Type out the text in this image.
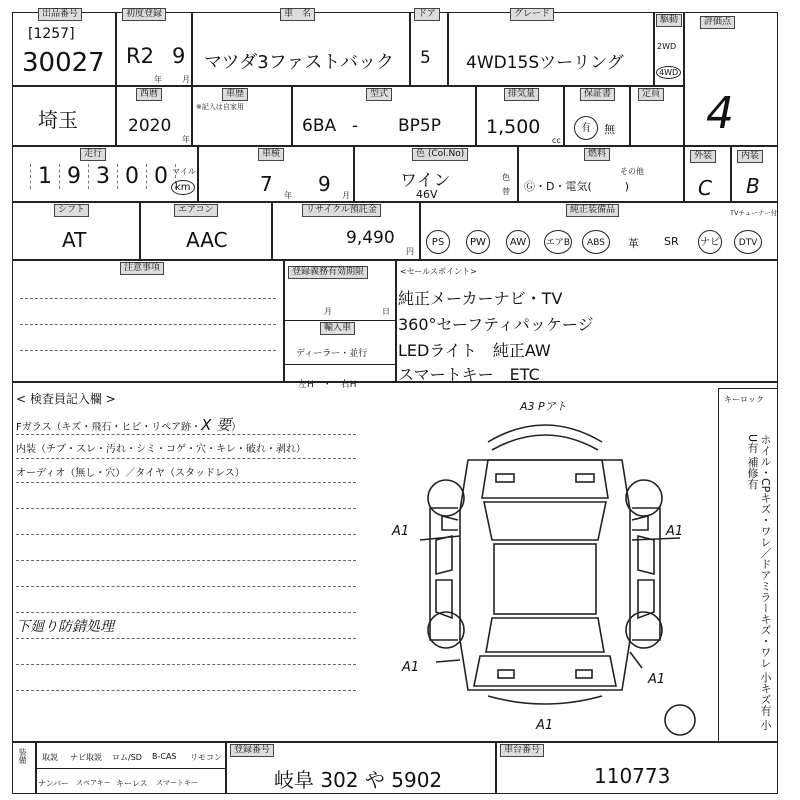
出品番号
[1257]
30027
初度登録
R2 9
年	月
車　名
マツダ3ファストバック
ドア
5
グレード
4WD15Sツーリング
駆動
2WD
4WD
評価点
4
埼玉
西暦
2020
年
車歴
※記入は自家用
型式
6BA - BP5P
排気量
1,500
cc
保証書
有	無
定員
走行
1 9 3 0 0 マイル
km
車検
7 年 9 月
色 (Col.No)
ワイン
46V
色
替
燃料
Ⓖ・D・電気(　　　)
その他
外装	内装
C B
シフト
AT
エアコン
AAC
リサイクル預託金
9,490
円
純正装備品	TVチューナー付
PS	PW	AW	エアB	ABS	革 SR ナビ	DTV
注意事項	登録義務有効期限
月	日
輸入車
ディーラー・並行
左H　・　右H
<セールスポイント>
純正メーカーナビ・TV
360°セーフティパッケージ
LEDライト　純正AW
スマートキー　ETC
< 検査員記入欄 >
Fガラス（キズ・飛石・ヒビ・リペア跡・X 要）
内装（チブ・スレ・汚れ・シミ・コゲ・穴・キレ・破れ・剥れ）
オーディオ（無し・穴）／タイヤ（スタッドレス）
下廻り防錆処理
A3 Pアト
A1	A1
A1
A1
A1
キーロック
ホイル・CPキズ・ワレ／ドアミラーキズ・ワレ 小キズ有 小U有 補修有
装備 取説 ナビ取説 ロム/SD B-CAS リモコン
ナンバー スペアキー キーレス スマートキー
登録番号
岐阜 302 や 5902
車台番号
110773
